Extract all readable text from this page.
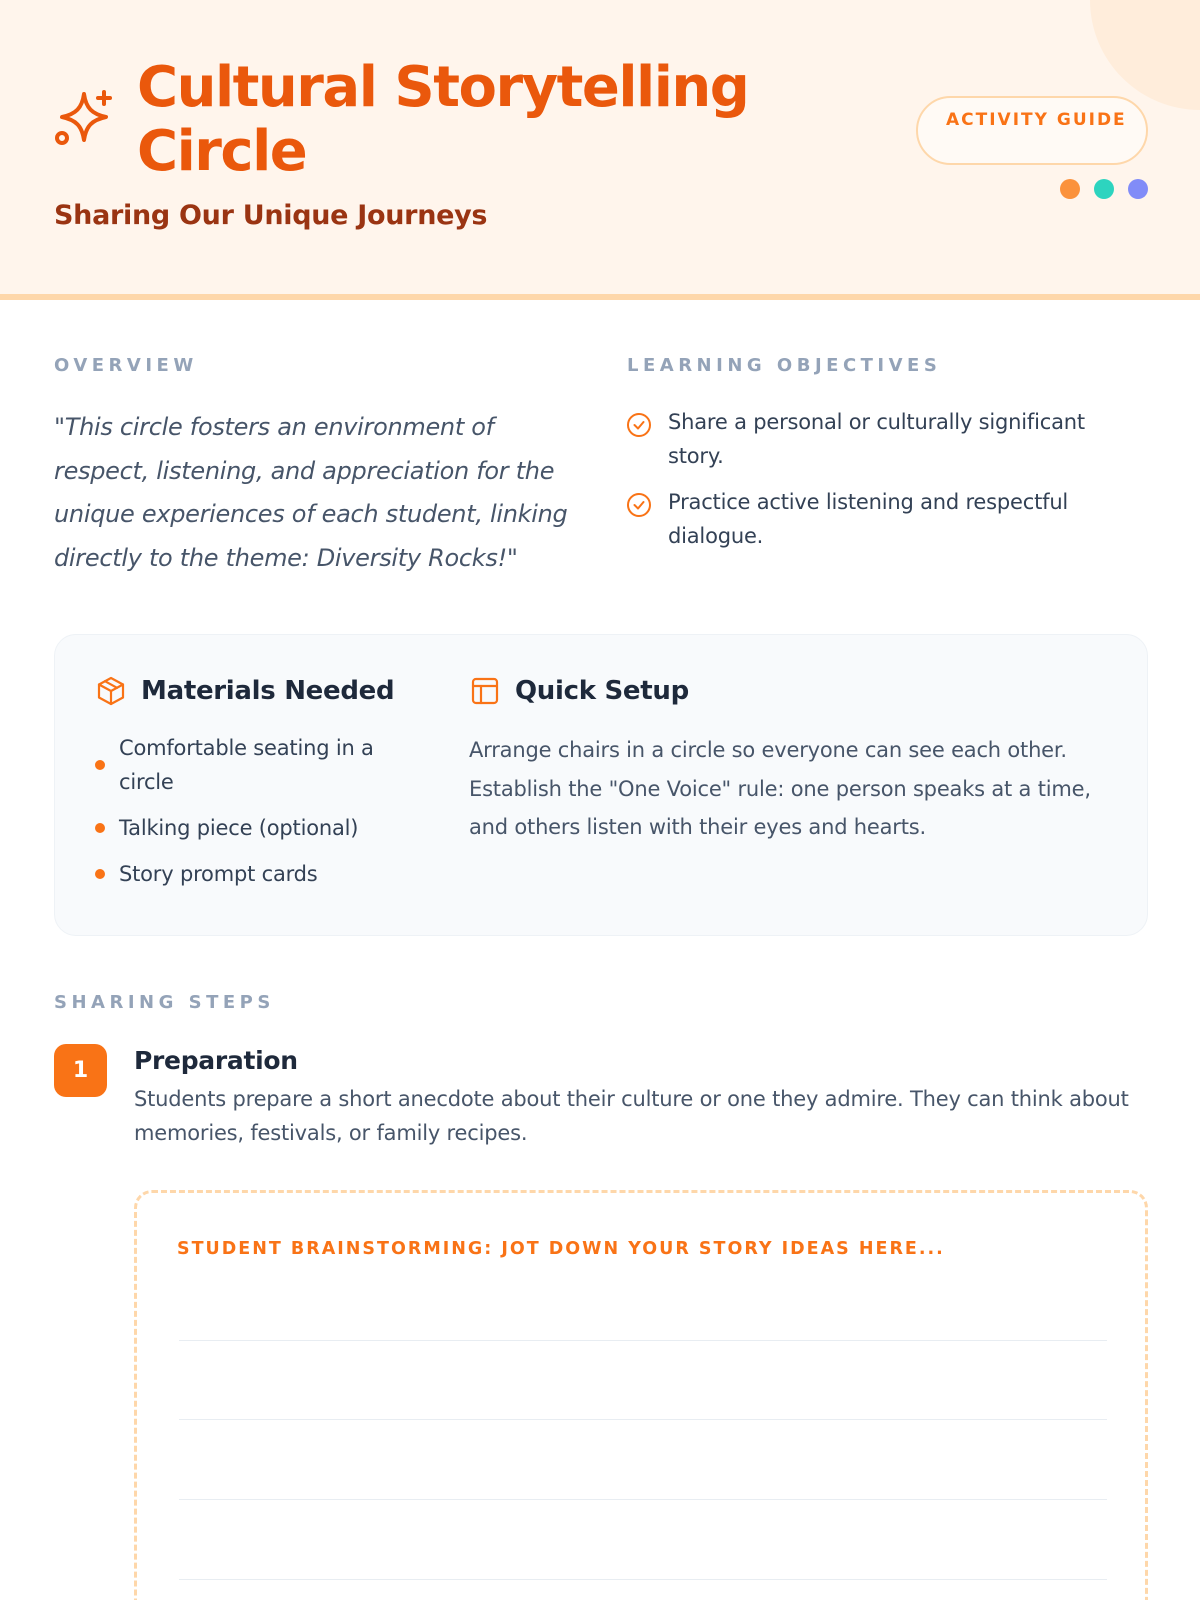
Cultural Storytelling Circle
Sharing Our Unique Journeys
ACTIVITY GUIDE
OVERVIEW
"This circle fosters an environment of respect, listening, and appreciation for the unique experiences of each student, linking directly to the theme: Diversity Rocks!"
LEARNING OBJECTIVES
Share a personal or culturally significant story.
Practice active listening and respectful dialogue.
Materials Needed
Comfortable seating in a circle
Talking piece (optional)
Story prompt cards
Quick Setup
Arrange chairs in a circle so everyone can see each other. Establish the "One Voice" rule: one person speaks at a time, and others listen with their eyes and hearts.
SHARING STEPS
1	Preparation
Students prepare a short anecdote about their culture or one they admire. They can think about memories, festivals, or family recipes.
STUDENT BRAINSTORMING: JOT DOWN YOUR STORY IDEAS HERE...
